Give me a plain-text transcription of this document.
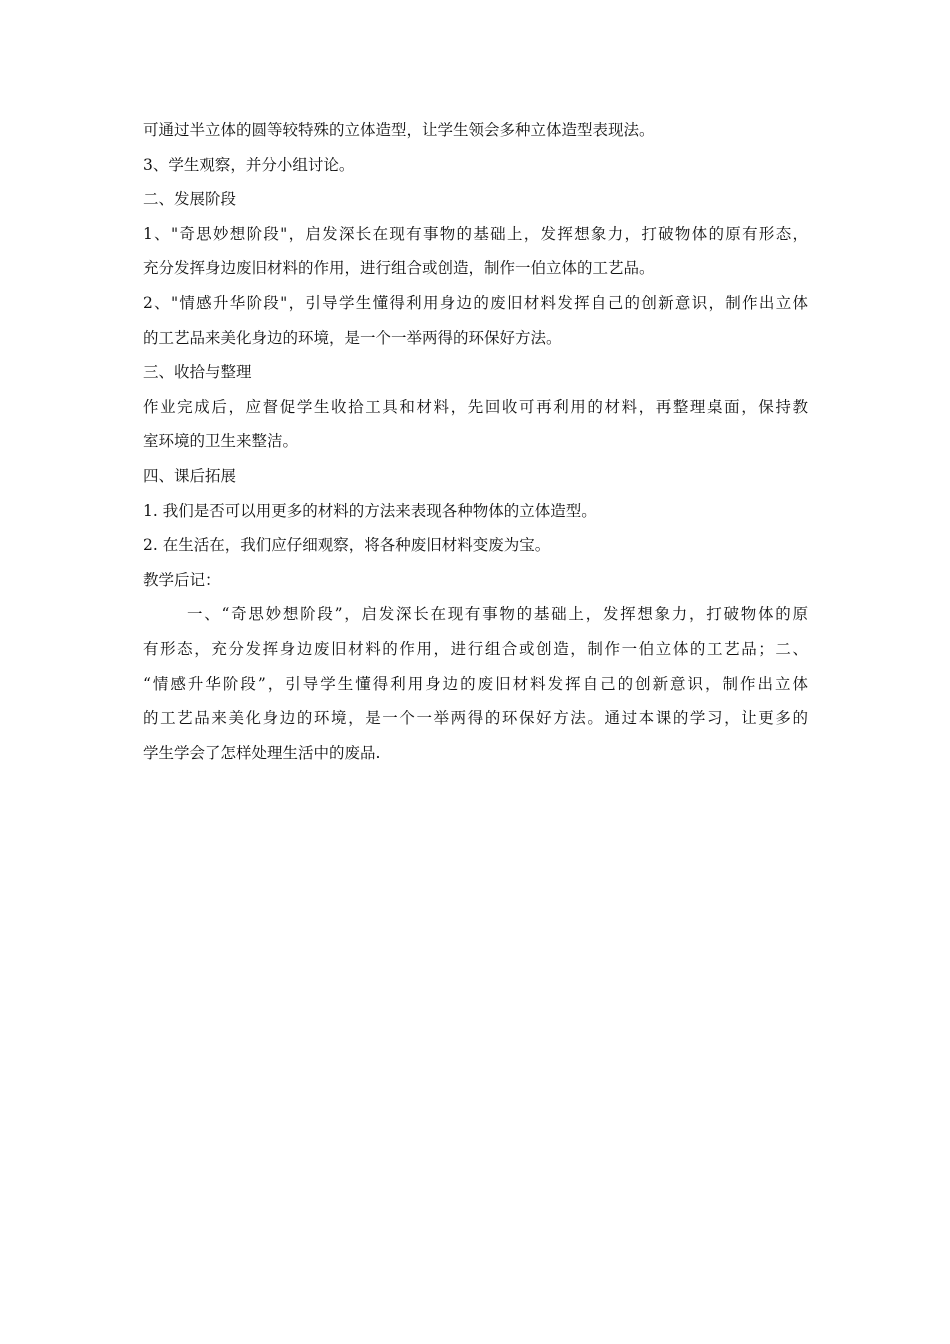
可通过半立体的圆等较特殊的立体造型，让学生领会多种立体造型表现法。
3、学生观察，并分小组讨论。
二、发展阶段
1、"奇思妙想阶段"，启发深长在现有事物的基础上，发挥想象力，打破物体的原有形态，
充分发挥身边废旧材料的作用，进行组合或创造，制作一伯立体的工艺品。
2、"情感升华阶段"，引导学生懂得利用身边的废旧材料发挥自己的创新意识，制作出立体
的工艺品来美化身边的环境，是一个一举两得的环保好方法。
三、收拾与整理
作业完成后，应督促学生收拾工具和材料，先回收可再利用的材料，再整理桌面，保持教
室环境的卫生来整洁。
四、课后拓展
1. 我们是否可以用更多的材料的方法来表现各种物体的立体造型。
2. 在生活在，我们应仔细观察，将各种废旧材料变废为宝。
教学后记：
一、“奇思妙想阶段”，启发深长在现有事物的基础上，发挥想象力，打破物体的原
有形态，充分发挥身边废旧材料的作用，进行组合或创造，制作一伯立体的工艺品；二、
“情感升华阶段”，引导学生懂得利用身边的废旧材料发挥自己的创新意识，制作出立体
的工艺品来美化身边的环境，是一个一举两得的环保好方法。通过本课的学习，让更多的
学生学会了怎样处理生活中的废品.
